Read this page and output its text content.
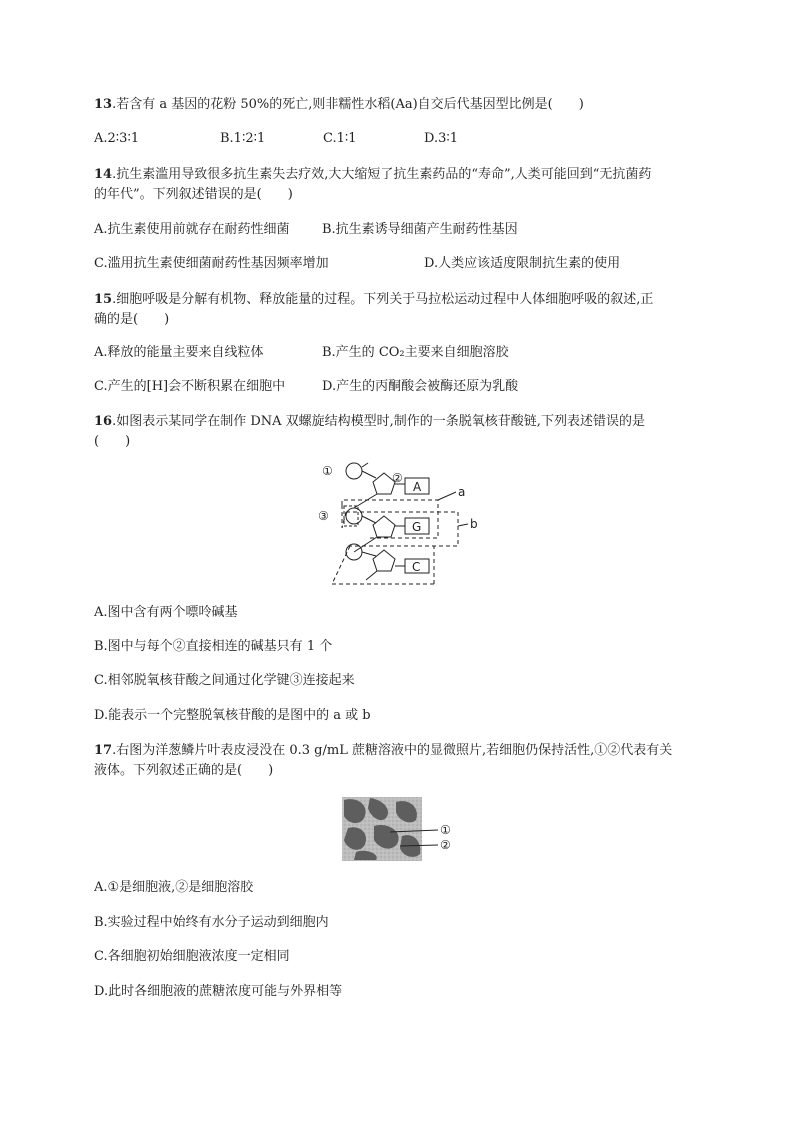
13.若含有 a 基因的花粉 50%的死亡,则非糯性水稻(Aa)自交后代基因型比例是(　　)
A.2∶3∶1	B.1∶2∶1	C.1∶1	D.3∶1
14.抗生素滥用导致很多抗生素失去疗效,大大缩短了抗生素药品的“寿命”,人类可能回到“无抗菌药
的年代”。下列叙述错误的是(　　)
A.抗生素使用前就存在耐药性细菌 B.抗生素诱导细菌产生耐药性基因
C.滥用抗生素使细菌耐药性基因频率增加	D.人类应该适度限制抗生素的使用
15.细胞呼吸是分解有机物、释放能量的过程。下列关于马拉松运动过程中人体细胞呼吸的叙述,正
确的是(　　)
A.释放的能量主要来自线粒体	B.产生的 CO₂主要来自细胞溶胶
C.产生的[H]会不断积累在细胞中	D.产生的丙酮酸会被酶还原为乳酸
16.如图表示某同学在制作 DNA 双螺旋结构模型时,制作的一条脱氧核苷酸链,下列表述错误的是
(　　)
①	②
③
A
G
C
a
b
A.图中含有两个嘌呤碱基
B.图中与每个②直接相连的碱基只有 1 个
C.相邻脱氧核苷酸之间通过化学键③连接起来
D.能表示一个完整脱氧核苷酸的是图中的 a 或 b
17.右图为洋葱鳞片叶表皮浸没在 0.3 g/mL 蔗糖溶液中的显微照片,若细胞仍保持活性,①②代表有关
液体。下列叙述正确的是(　　)
①
②
A.①是细胞液,②是细胞溶胶
B.实验过程中始终有水分子运动到细胞内
C.各细胞初始细胞液浓度一定相同
D.此时各细胞液的蔗糖浓度可能与外界相等
